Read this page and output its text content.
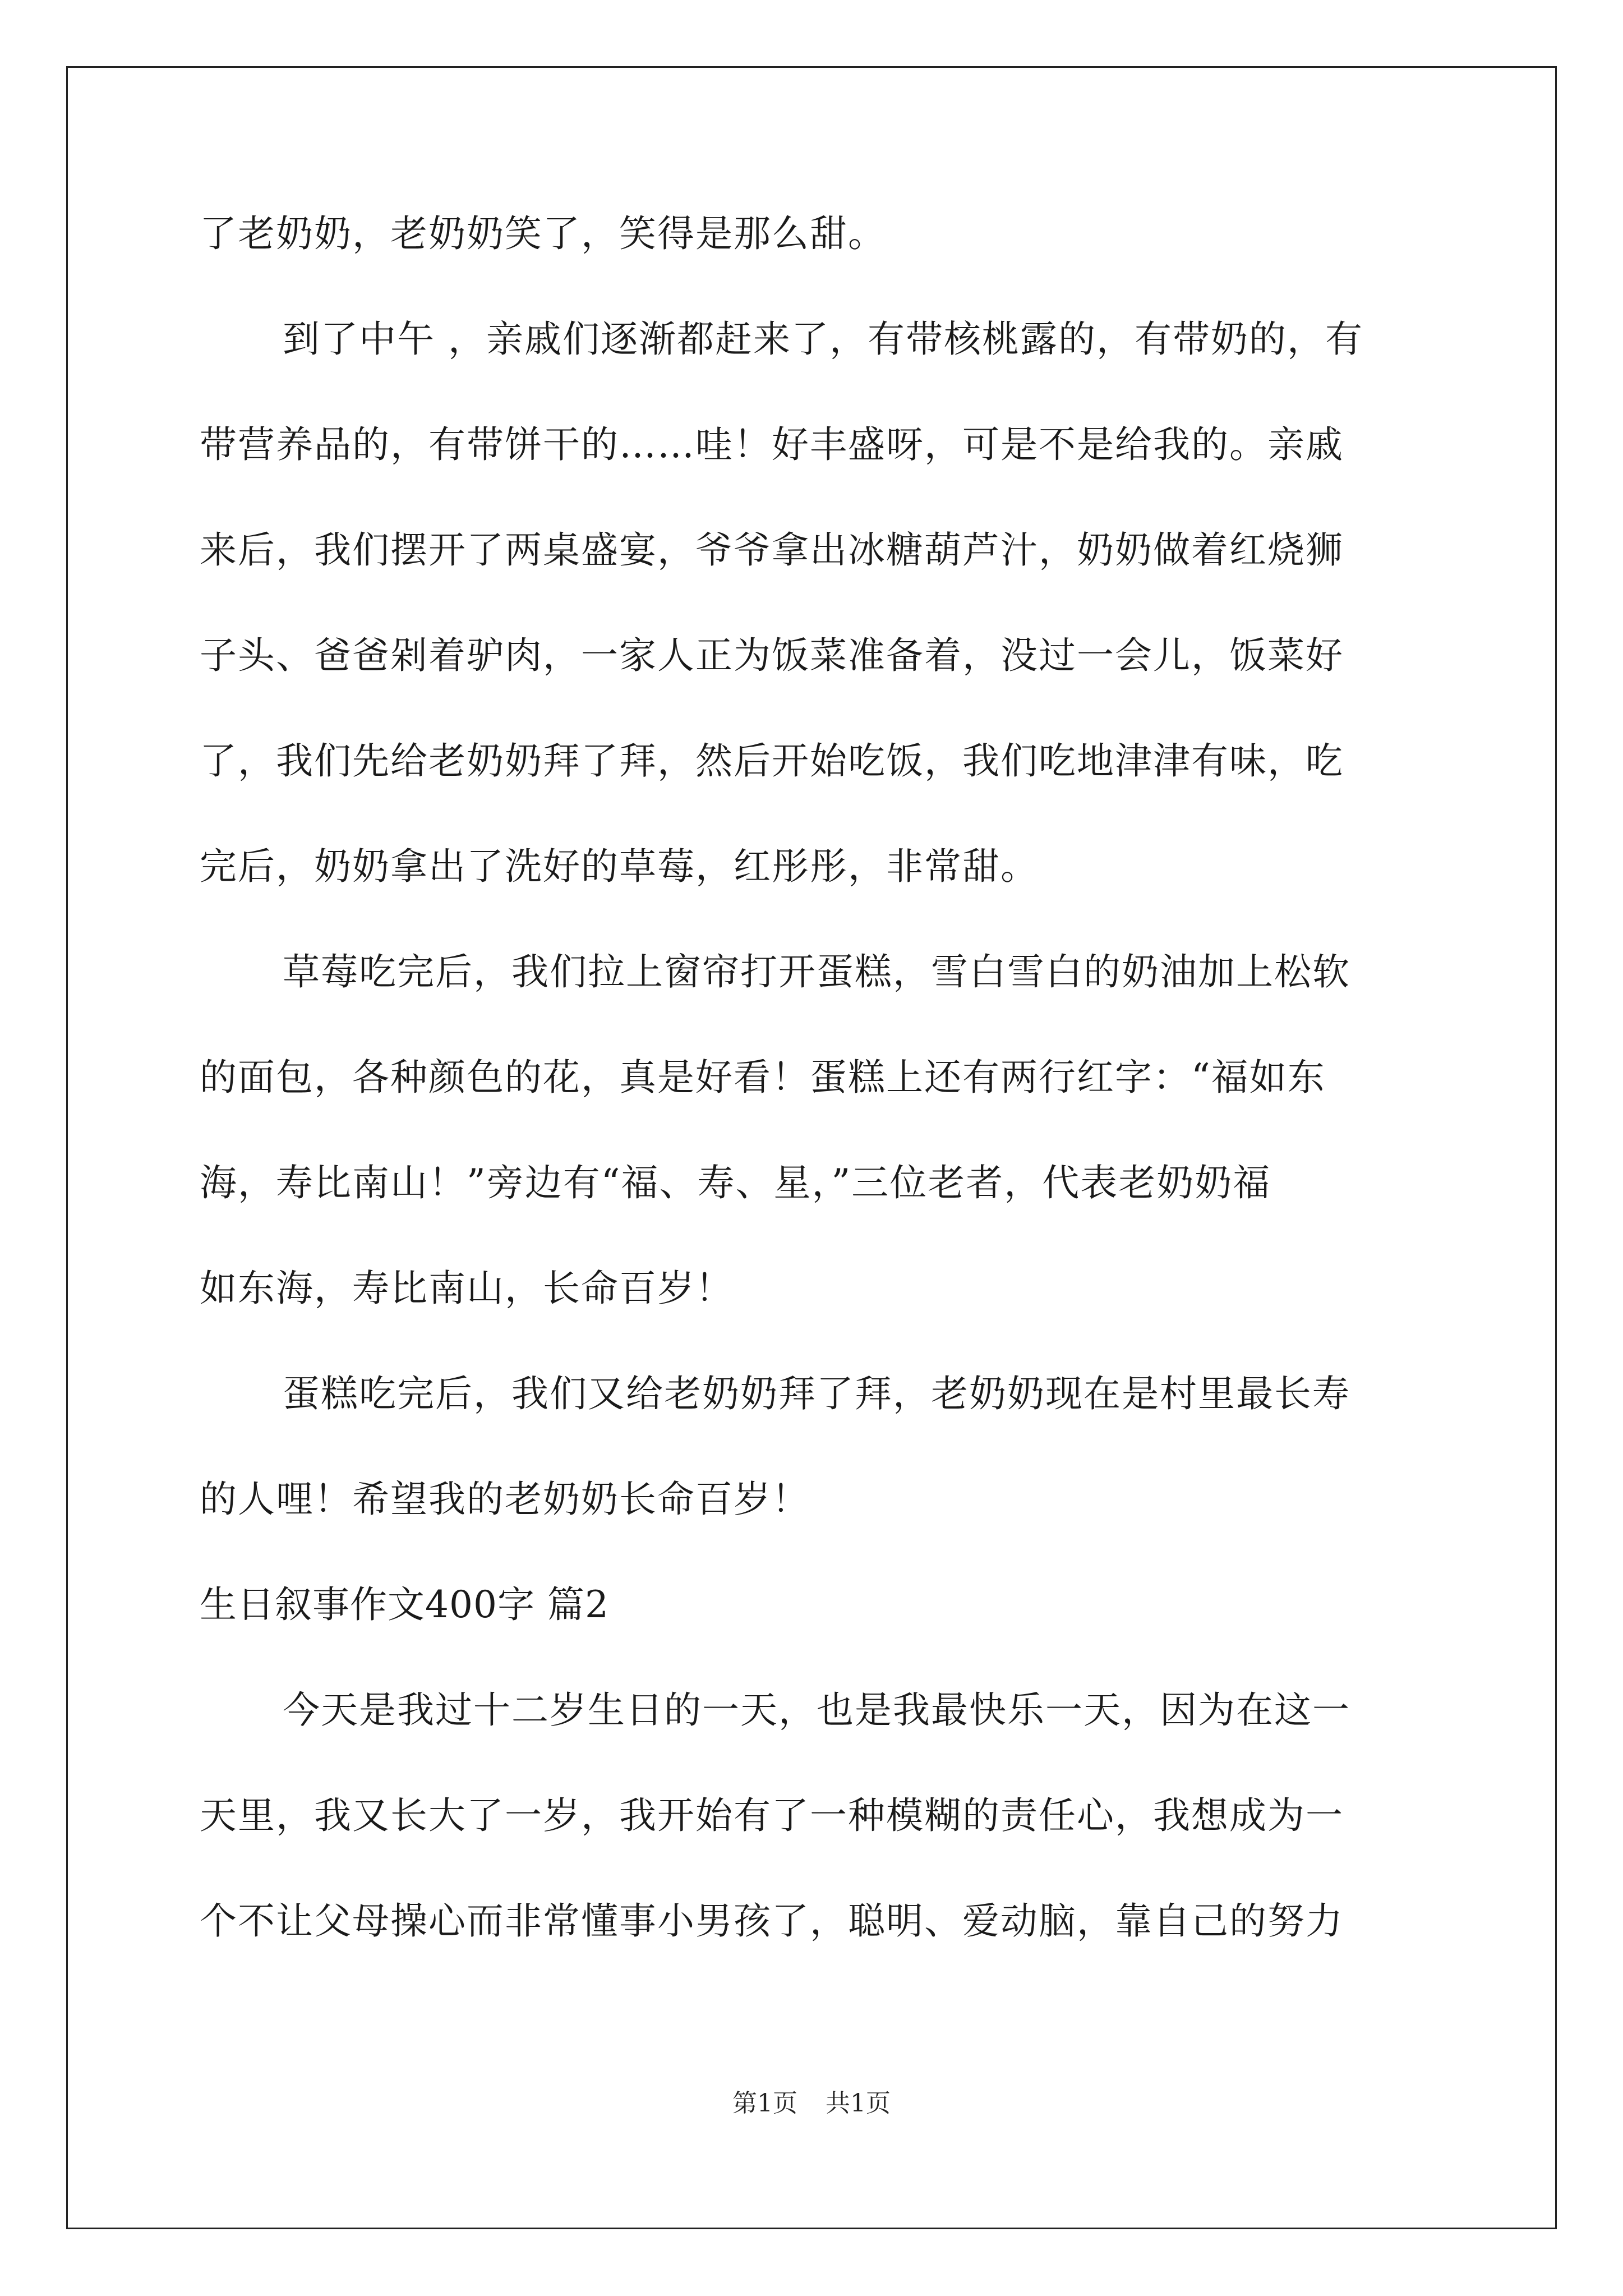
了老奶奶，老奶奶笑了，笑得是那么甜。
到了中午 ，亲戚们逐渐都赶来了，有带核桃露的，有带奶的，有
带营养品的，有带饼干的……哇！好丰盛呀，可是不是给我的。亲戚
来后，我们摆开了两桌盛宴，爷爷拿出冰糖葫芦汁，奶奶做着红烧狮
子头、爸爸剁着驴肉，一家人正为饭菜准备着，没过一会儿，饭菜好
了，我们先给老奶奶拜了拜，然后开始吃饭，我们吃地津津有味，吃
完后，奶奶拿出了洗好的草莓，红彤彤，非常甜。
草莓吃完后，我们拉上窗帘打开蛋糕，雪白雪白的奶油加上松软
的面包，各种颜色的花，真是好看！蛋糕上还有两行红字：“福如东
海，寿比南山！”旁边有“福、寿、星，”三位老者，代表老奶奶福
如东海，寿比南山，长命百岁！
蛋糕吃完后，我们又给老奶奶拜了拜，老奶奶现在是村里最长寿
的人哩！希望我的老奶奶长命百岁！
生日叙事作文400字 篇2
今天是我过十二岁生日的一天，也是我最快乐一天，因为在这一
天里，我又长大了一岁，我开始有了一种模糊的责任心，我想成为一
个不让父母操心而非常懂事小男孩了，聪明、爱动脑，靠自己的努力
第1页 共1页
